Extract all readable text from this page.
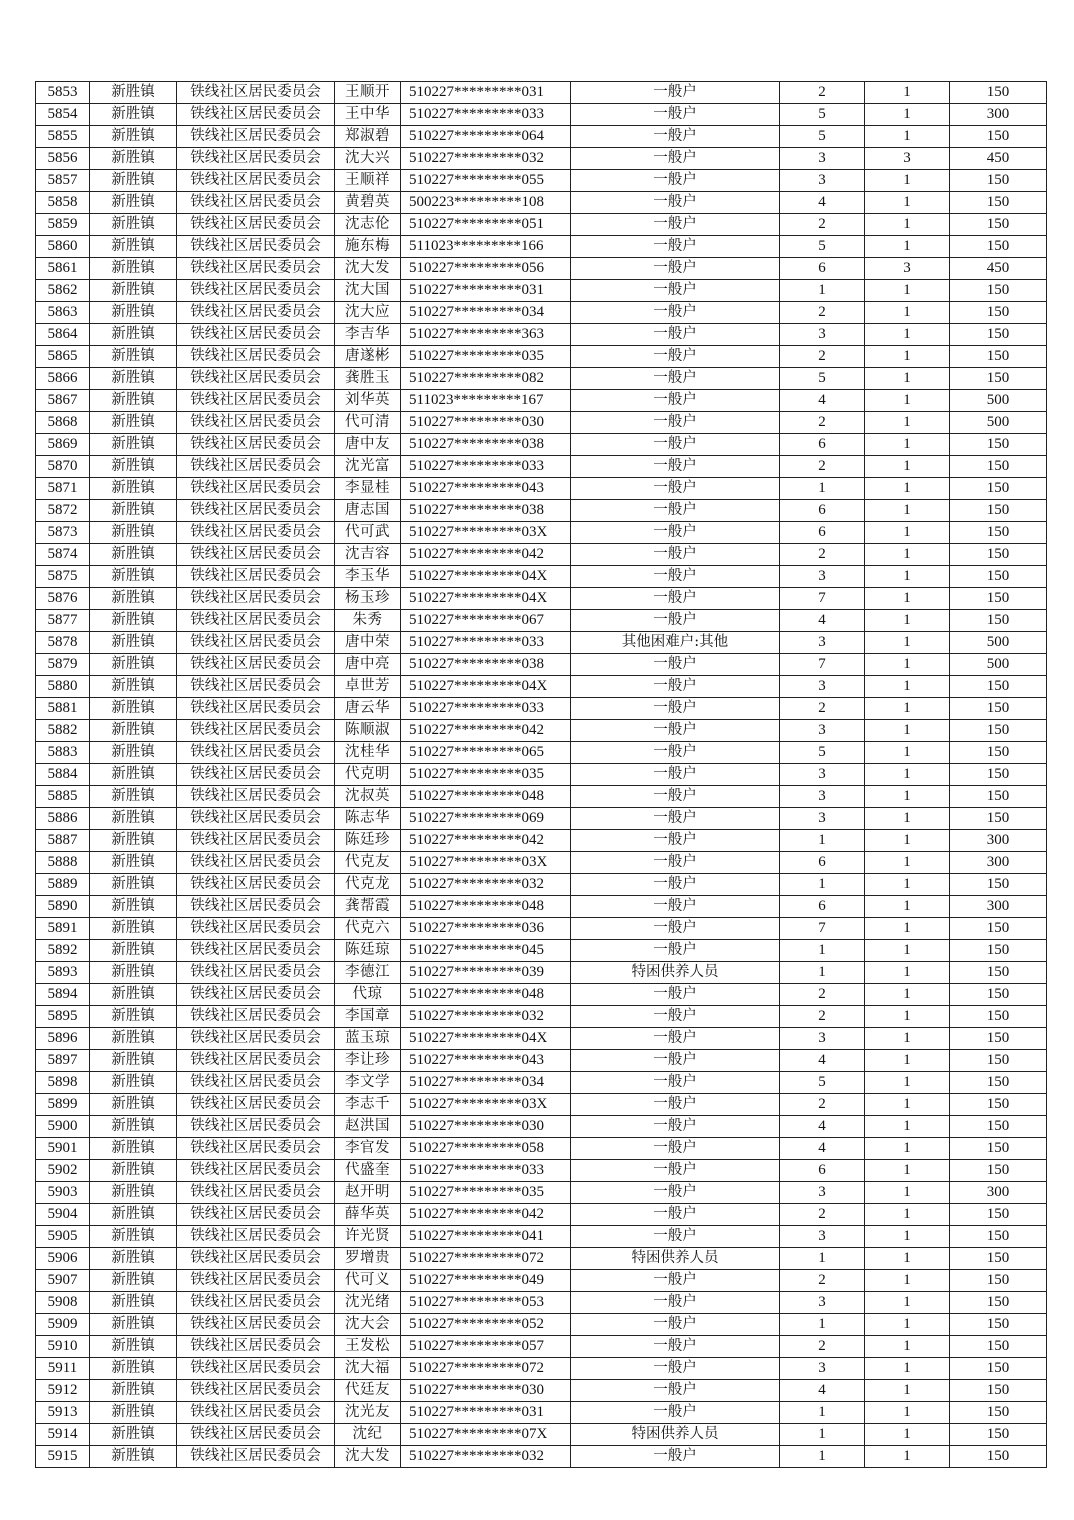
5853	新胜镇	铁线社区居民委员会	王顺开	510227*********031	一般户	2	1	150
5854	新胜镇	铁线社区居民委员会	王中华	510227*********033	一般户	5	1	300
5855	新胜镇	铁线社区居民委员会	郑淑碧	510227*********064	一般户	5	1	150
5856	新胜镇	铁线社区居民委员会	沈大兴	510227*********032	一般户	3	3	450
5857	新胜镇	铁线社区居民委员会	王顺祥	510227*********055	一般户	3	1	150
5858	新胜镇	铁线社区居民委员会	黄碧英	500223*********108	一般户	4	1	150
5859	新胜镇	铁线社区居民委员会	沈志伦	510227*********051	一般户	2	1	150
5860	新胜镇	铁线社区居民委员会	施东梅	511023*********166	一般户	5	1	150
5861	新胜镇	铁线社区居民委员会	沈大发	510227*********056	一般户	6	3	450
5862	新胜镇	铁线社区居民委员会	沈大国	510227*********031	一般户	1	1	150
5863	新胜镇	铁线社区居民委员会	沈大应	510227*********034	一般户	2	1	150
5864	新胜镇	铁线社区居民委员会	李吉华	510227*********363	一般户	3	1	150
5865	新胜镇	铁线社区居民委员会	唐遂彬	510227*********035	一般户	2	1	150
5866	新胜镇	铁线社区居民委员会	龚胜玉	510227*********082	一般户	5	1	150
5867	新胜镇	铁线社区居民委员会	刘华英	511023*********167	一般户	4	1	500
5868	新胜镇	铁线社区居民委员会	代可清	510227*********030	一般户	2	1	500
5869	新胜镇	铁线社区居民委员会	唐中友	510227*********038	一般户	6	1	150
5870	新胜镇	铁线社区居民委员会	沈光富	510227*********033	一般户	2	1	150
5871	新胜镇	铁线社区居民委员会	李显桂	510227*********043	一般户	1	1	150
5872	新胜镇	铁线社区居民委员会	唐志国	510227*********038	一般户	6	1	150
5873	新胜镇	铁线社区居民委员会	代可武	510227*********03X	一般户	6	1	150
5874	新胜镇	铁线社区居民委员会	沈吉容	510227*********042	一般户	2	1	150
5875	新胜镇	铁线社区居民委员会	李玉华	510227*********04X	一般户	3	1	150
5876	新胜镇	铁线社区居民委员会	杨玉珍	510227*********04X	一般户	7	1	150
5877	新胜镇	铁线社区居民委员会	朱秀	510227*********067	一般户	4	1	150
5878	新胜镇	铁线社区居民委员会	唐中荣	510227*********033	其他困难户:其他	3	1	500
5879	新胜镇	铁线社区居民委员会	唐中亮	510227*********038	一般户	7	1	500
5880	新胜镇	铁线社区居民委员会	卓世芳	510227*********04X	一般户	3	1	150
5881	新胜镇	铁线社区居民委员会	唐云华	510227*********033	一般户	2	1	150
5882	新胜镇	铁线社区居民委员会	陈顺淑	510227*********042	一般户	3	1	150
5883	新胜镇	铁线社区居民委员会	沈桂华	510227*********065	一般户	5	1	150
5884	新胜镇	铁线社区居民委员会	代克明	510227*********035	一般户	3	1	150
5885	新胜镇	铁线社区居民委员会	沈叔英	510227*********048	一般户	3	1	150
5886	新胜镇	铁线社区居民委员会	陈志华	510227*********069	一般户	3	1	150
5887	新胜镇	铁线社区居民委员会	陈廷珍	510227*********042	一般户	1	1	300
5888	新胜镇	铁线社区居民委员会	代克友	510227*********03X	一般户	6	1	300
5889	新胜镇	铁线社区居民委员会	代克龙	510227*********032	一般户	1	1	150
5890	新胜镇	铁线社区居民委员会	龚帮霞	510227*********048	一般户	6	1	300
5891	新胜镇	铁线社区居民委员会	代克六	510227*********036	一般户	7	1	150
5892	新胜镇	铁线社区居民委员会	陈廷琼	510227*********045	一般户	1	1	150
5893	新胜镇	铁线社区居民委员会	李德江	510227*********039	特困供养人员	1	1	150
5894	新胜镇	铁线社区居民委员会	代琼	510227*********048	一般户	2	1	150
5895	新胜镇	铁线社区居民委员会	李国章	510227*********032	一般户	2	1	150
5896	新胜镇	铁线社区居民委员会	蓝玉琼	510227*********04X	一般户	3	1	150
5897	新胜镇	铁线社区居民委员会	李让珍	510227*********043	一般户	4	1	150
5898	新胜镇	铁线社区居民委员会	李文学	510227*********034	一般户	5	1	150
5899	新胜镇	铁线社区居民委员会	李志千	510227*********03X	一般户	2	1	150
5900	新胜镇	铁线社区居民委员会	赵洪国	510227*********030	一般户	4	1	150
5901	新胜镇	铁线社区居民委员会	李官发	510227*********058	一般户	4	1	150
5902	新胜镇	铁线社区居民委员会	代盛奎	510227*********033	一般户	6	1	150
5903	新胜镇	铁线社区居民委员会	赵开明	510227*********035	一般户	3	1	300
5904	新胜镇	铁线社区居民委员会	薛华英	510227*********042	一般户	2	1	150
5905	新胜镇	铁线社区居民委员会	许光贤	510227*********041	一般户	3	1	150
5906	新胜镇	铁线社区居民委员会	罗增贵	510227*********072	特困供养人员	1	1	150
5907	新胜镇	铁线社区居民委员会	代可义	510227*********049	一般户	2	1	150
5908	新胜镇	铁线社区居民委员会	沈光绪	510227*********053	一般户	3	1	150
5909	新胜镇	铁线社区居民委员会	沈大会	510227*********052	一般户	1	1	150
5910	新胜镇	铁线社区居民委员会	王发松	510227*********057	一般户	2	1	150
5911	新胜镇	铁线社区居民委员会	沈大福	510227*********072	一般户	3	1	150
5912	新胜镇	铁线社区居民委员会	代廷友	510227*********030	一般户	4	1	150
5913	新胜镇	铁线社区居民委员会	沈光友	510227*********031	一般户	1	1	150
5914	新胜镇	铁线社区居民委员会	沈纪	510227*********07X	特困供养人员	1	1	150
5915	新胜镇	铁线社区居民委员会	沈大发	510227*********032	一般户	1	1	150
